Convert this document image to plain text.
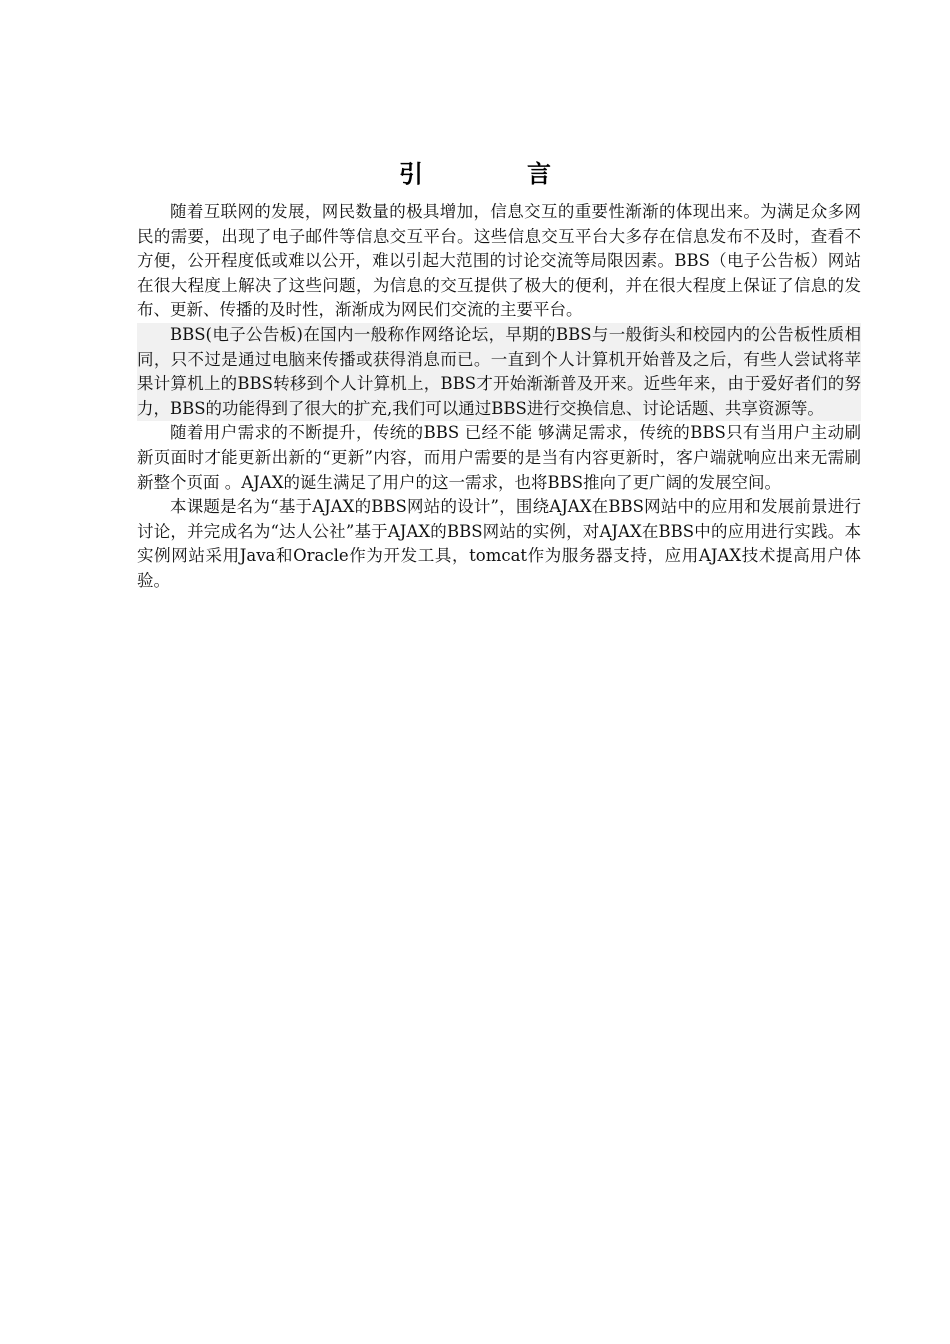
引　言

随着互联网的发展，网民数量的极具增加，信息交互的重要性渐渐的体现出来。为满足众多网民的需要，出现了电子邮件等信息交互平台。这些信息交互平台大多存在信息发布不及时，查看不方便，公开程度低或难以公开，难以引起大范围的讨论交流等局限因素。BBS（电子公告板）网站在很大程度上解决了这些问题，为信息的交互提供了极大的便利，并在很大程度上保证了信息的发布、更新、传播的及时性，渐渐成为网民们交流的主要平台。

BBS(电子公告板)在国内一般称作网络论坛，早期的BBS与一般街头和校园内的公告板性质相同，只不过是通过电脑来传播或获得消息而已。一直到个人计算机开始普及之后，有些人尝试将苹果计算机上的BBS转移到个人计算机上，BBS才开始渐渐普及开来。近些年来，由于爱好者们的努力，BBS的功能得到了很大的扩充,我们可以通过BBS进行交换信息、讨论话题、共享资源等。

随着用户需求的不断提升，传统的BBS 已经不能 够满足需求，传统的BBS只有当用户主动刷新页面时才能更新出新的“更新”内容，而用户需要的是当有内容更新时，客户端就响应出来无需刷新整个页面 。AJAX的诞生满足了用户的这一需求，也将BBS推向了更广阔的发展空间。

本课题是名为“基于AJAX的BBS网站的设计”，围绕AJAX在BBS网站中的应用和发展前景进行讨论，并完成名为“达人公社”基于AJAX的BBS网站的实例，对AJAX在BBS中的应用进行实践。本实例网站采用Java和Oracle作为开发工具，tomcat作为服务器支持，应用AJAX技术提高用户体验。
